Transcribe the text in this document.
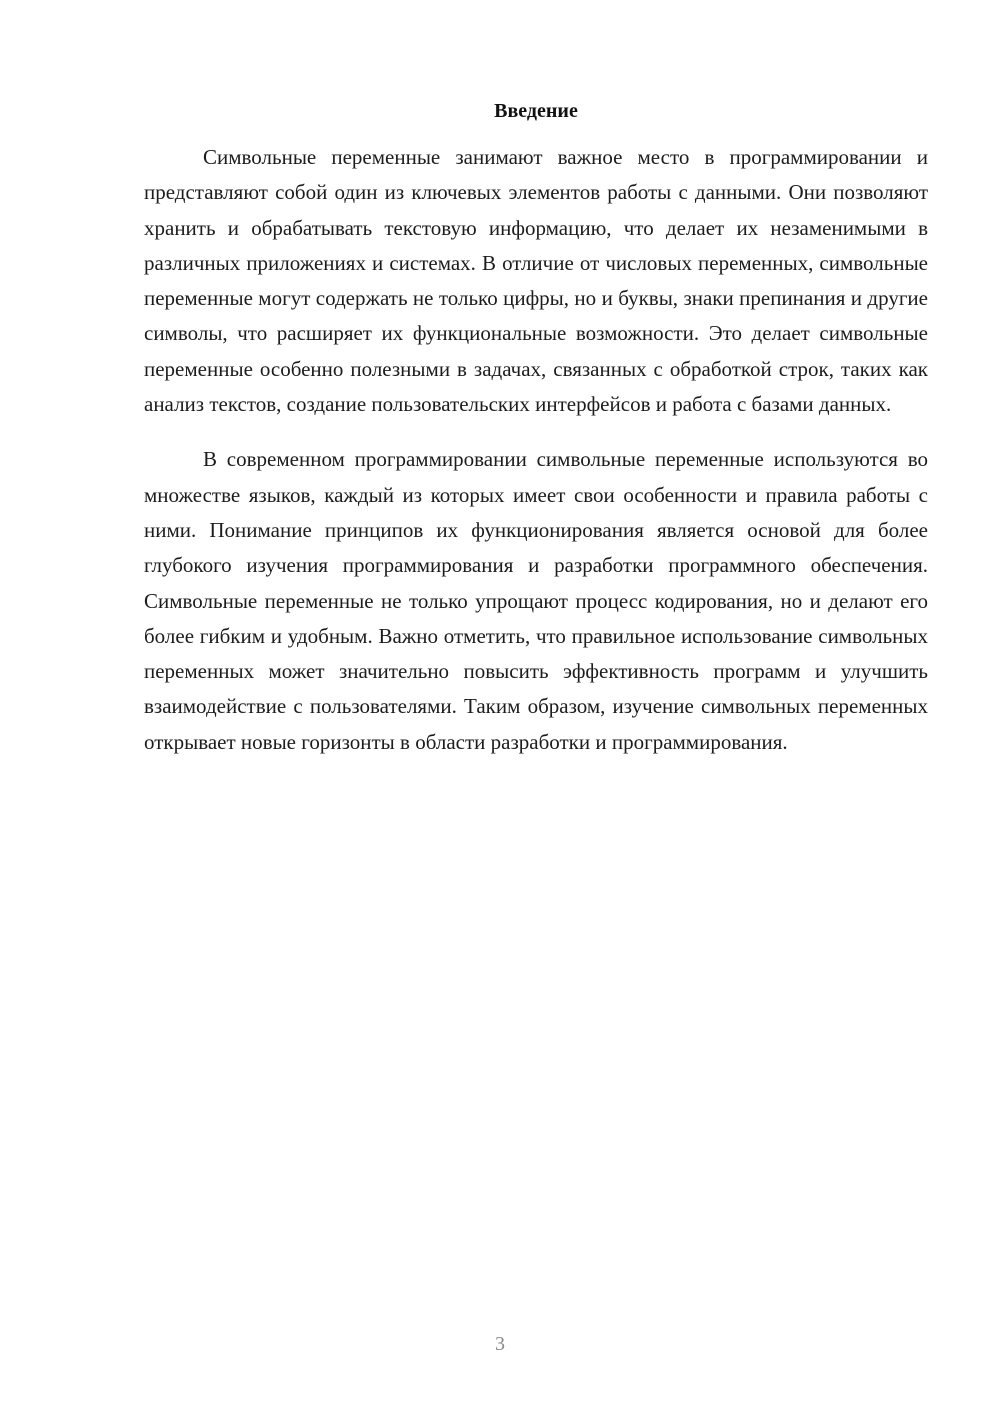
Введение

Символьные переменные занимают важное место в программировании и представляют собой один из ключевых элементов работы с данными. Они позволяют хранить и обрабатывать текстовую информацию, что делает их незаменимыми в различных приложениях и системах. В отличие от числовых переменных, символьные переменные могут содержать не только цифры, но и буквы, знаки препинания и другие символы, что расширяет их функциональные возможности. Это делает символьные переменные особенно полезными в задачах, связанных с обработкой строк, таких как анализ текстов, создание пользовательских интерфейсов и работа с базами данных.

В современном программировании символьные переменные используются во множестве языков, каждый из которых имеет свои особенности и правила работы с ними. Понимание принципов их функционирования является основой для более глубокого изучения программирования и разработки программного обеспечения. Символьные переменные не только упрощают процесс кодирования, но и делают его более гибким и удобным. Важно отметить, что правильное использование символьных переменных может значительно повысить эффективность программ и улучшить взаимодействие с пользователями. Таким образом, изучение символьных переменных открывает новые горизонты в области разработки и программирования.

3
